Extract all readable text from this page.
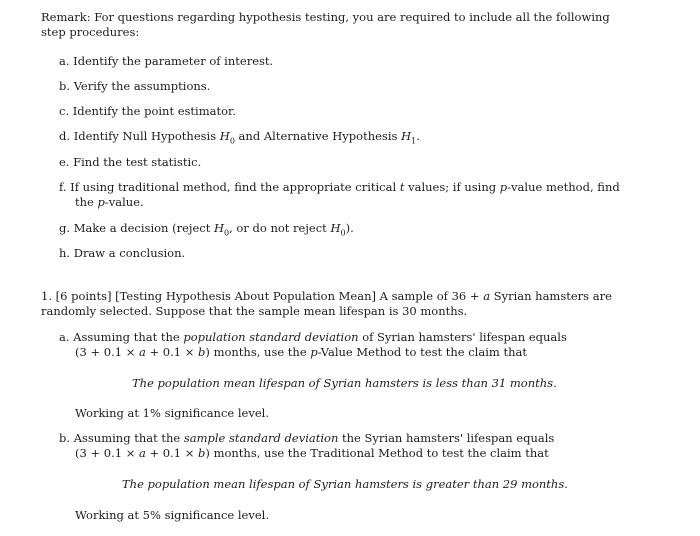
Remark: For questions regarding hypothesis testing, you are required to include all the following
step procedures:
a. Identify the parameter of interest.
b. Verify the assumptions.
c. Identify the point estimator.
d. Identify Null Hypothesis $H_0$ and Alternative Hypothesis $H_1$.
e. Find the test statistic.
f. If using traditional method, find the appropriate critical t values; if using p-value method, find
the p-value.
g. Make a decision (reject $H_0$, or do not reject $H_0$).
h. Draw a conclusion.
1. [6 points] [Testing Hypothesis About Population Mean] A sample of 36 + a Syrian hamsters are
randomly selected. Suppose that the sample mean lifespan is 30 months.
a. Assuming that the population standard deviation of Syrian hamsters' lifespan equals
(3 + 0.1 × a + 0.1 × b) months, use the p-Value Method to test the claim that
The population mean lifespan of Syrian hamsters is less than 31 months.
Working at 1% significance level.
b. Assuming that the sample standard deviation the Syrian hamsters' lifespan equals
(3 + 0.1 × a + 0.1 × b) months, use the Traditional Method to test the claim that
The population mean lifespan of Syrian hamsters is greater than 29 months.
Working at 5% significance level.
